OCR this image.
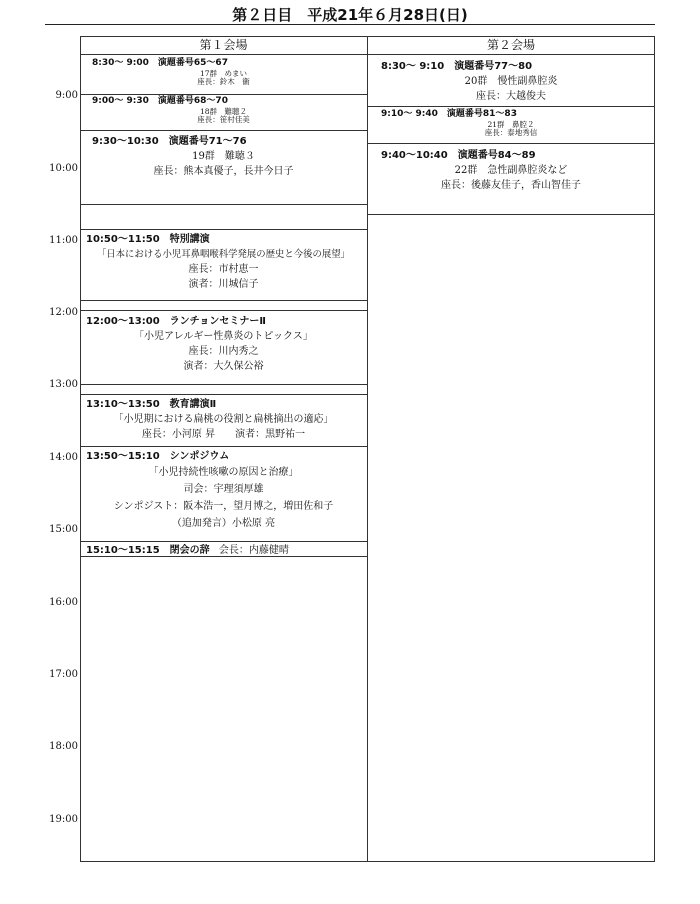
第２日目　平成21年６月28日(日)
第１会場	第２会場
9:00
10:00
11:00
12:00
13:00
14:00
15:00
16:00
17:00
18:00
19:00
8:30～ 9:00　演題番号65～67
17群　めまい
座長：鈴木　衞
9:00～ 9:30　演題番号68～70
18群　難聴２
座長：笹村佳美
9:30～10:30　演題番号71～76
19群　難聴３
座長：熊本真優子，長井今日子
10:50～11:50　特別講演
「日本における小児耳鼻咽喉科学発展の歴史と今後の展望」
座長：市村恵一
演者：川城信子
12:00～13:00　ランチョンセミナーⅡ
「小児アレルギー性鼻炎のトピックス」
座長：川内秀之
演者：大久保公裕
13:10～13:50　教育講演Ⅱ
「小児期における扁桃の役割と扁桃摘出の適応」
座長：小河原 昇　　演者：黒野祐一
13:50～15:10　シンポジウム
「小児持続性咳嗽の原因と治療」
司会：宇理須厚雄
シンポジスト：阪本浩一，望月博之，増田佐和子
（追加発言）小松原 亮
15:10～15:15　閉会の辞 会長：内藤健晴
8:30～ 9:10　演題番号77～80
20群　慢性副鼻腔炎
座長：大越俊夫
9:10～ 9:40　演題番号81～83
21群　鼻腔２
座長：泰地秀信
9:40～10:40　演題番号84～89
22群　急性副鼻腔炎など
座長：後藤友佳子，香山智佳子
